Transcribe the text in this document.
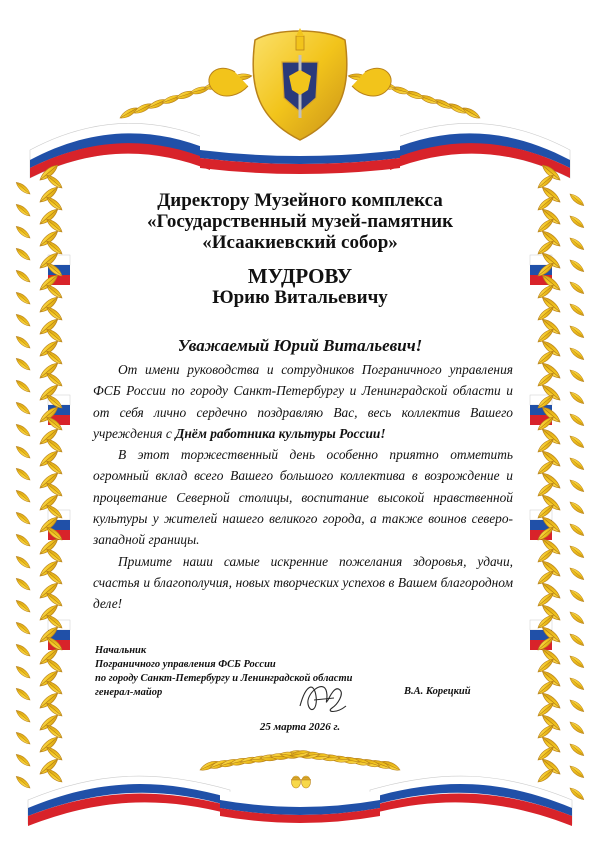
Директору Музейного комплекса
«Государственный музей-памятник
«Исаакиевский собор»
МУДРОВУ
Юрию Витальевичу
Уважаемый Юрий Витальевич!

От имени руководства и сотрудников Пограничного управления ФСБ России по городу Санкт-Петербургу и Ленинградской области и от себя лично сердечно поздравляю Вас, весь коллектив Вашего учреждения с Днём работника культуры России!

В этот торжественный день особенно приятно отметить огромный вклад всего Вашего большого коллектива в возрождение и процветание Северной столицы, воспитание высокой нравственной культуры у жителей нашего великого города, а также воинов северо-западной границы.

Примите наши самые искренние пожелания здоровья, удачи, счастья и благополучия, новых творческих успехов в Вашем благородном деле!

Начальник
Пограничного управления ФСБ России
по городу Санкт-Петербургу и Ленинградской области
генерал-майор	В.А. Корецкий
25 марта 2026 г.
